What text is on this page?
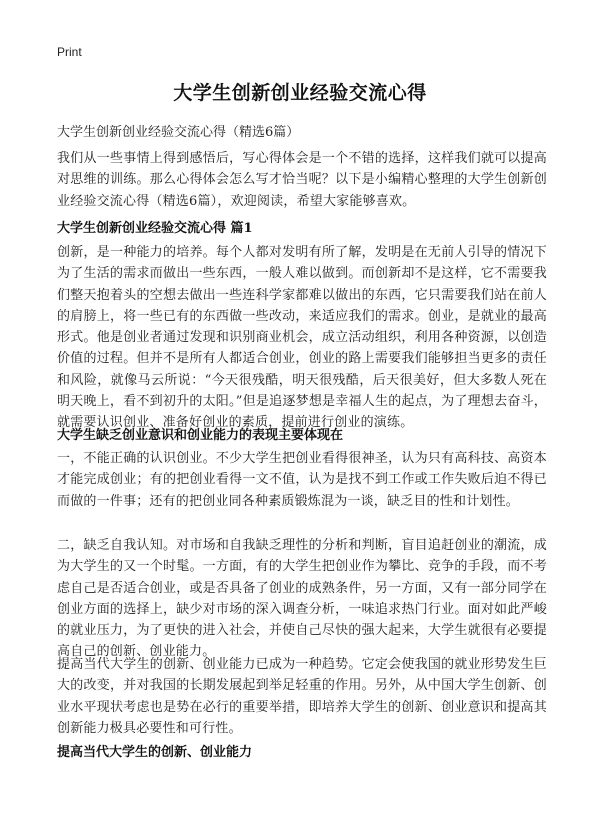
Print
大学生创新创业经验交流心得
大学生创新创业经验交流心得（精选6篇）
我们从一些事情上得到感悟后，写心得体会是一个不错的选择，这样我们就可以提高对思维的训练。那么心得体会怎么写才恰当呢？以下是小编精心整理的大学生创新创业经验交流心得（精选6篇），欢迎阅读，希望大家能够喜欢。
大学生创新创业经验交流心得 篇1
创新，是一种能力的培养。每个人都对发明有所了解，发明是在无前人引导的情况下为了生活的需求而做出一些东西，一般人难以做到。而创新却不是这样，它不需要我们整天抱着头的空想去做出一些连科学家都难以做出的东西，它只需要我们站在前人的肩膀上，将一些已有的东西做一些改动，来适应我们的需求。创业，是就业的最高形式。他是创业者通过发现和识别商业机会，成立活动组织，利用各种资源，以创造价值的过程。但并不是所有人都适合创业，创业的路上需要我们能够担当更多的责任和风险，就像马云所说：“今天很残酷，明天很残酷，后天很美好，但大多数人死在明天晚上，看不到初升的太阳。”但是追逐梦想是幸福人生的起点，为了理想去奋斗，就需要认识创业、准备好创业的素质，提前进行创业的演练。
大学生缺乏创业意识和创业能力的表现主要体现在
一，不能正确的认识创业。不少大学生把创业看得很神圣，认为只有高科技、高资本才能完成创业；有的把创业看得一文不值，认为是找不到工作或工作失败后迫不得已而做的一件事；还有的把创业同各种素质锻炼混为一谈，缺乏目的性和计划性。
二，缺乏自我认知。对市场和自我缺乏理性的分析和判断，盲目追赶创业的潮流，成为大学生的又一个时髦。一方面，有的大学生把创业作为攀比、竞争的手段，而不考虑自己是否适合创业，或是否具备了创业的成熟条件，另一方面，又有一部分同学在创业方面的选择上，缺少对市场的深入调查分析，一味追求热门行业。面对如此严峻的就业压力，为了更快的进入社会，并使自己尽快的强大起来，大学生就很有必要提高自己的创新、创业能力。
提高当代大学生的创新、创业能力已成为一种趋势。它定会使我国的就业形势发生巨大的改变，并对我国的长期发展起到举足轻重的作用。另外，从中国大学生创新、创业水平现状考虑也是势在必行的重要举措，即培养大学生的创新、创业意识和提高其创新能力极具必要性和可行性。
提高当代大学生的创新、创业能力
